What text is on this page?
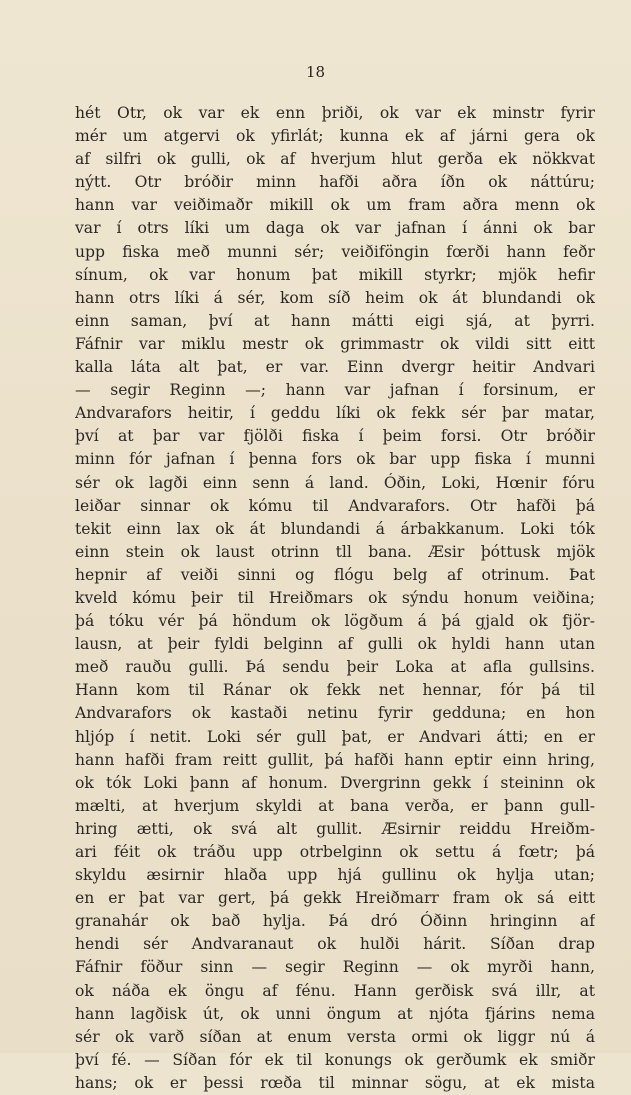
18
hét Otr, ok var ek enn þriði, ok var ek minstr fyrir
mér um atgervi ok yfirlát; kunna ek af járni gera ok
af silfri ok gulli, ok af hverjum hlut gerða ek nökkvat
nýtt. Otr bróðir minn hafði aðra íðn ok náttúru;
hann var veiðimaðr mikill ok um fram aðra menn ok
var í otrs líki um daga ok var jafnan í ánni ok bar
upp fiska með munni sér; veiðiföngin fœrði hann feðr
sínum, ok var honum þat mikill styrkr; mjök hefir
hann otrs líki á sér, kom síð heim ok át blundandi ok
einn saman, því at hann mátti eigi sjá, at þyrri.
Fáfnir var miklu mestr ok grimmastr ok vildi sitt eitt
kalla láta alt þat, er var. Einn dvergr heitir Andvari
— segir Reginn —; hann var jafnan í forsinum, er
Andvarafors heitir, í geddu líki ok fekk sér þar matar,
því at þar var fjölði fiska í þeim forsi. Otr bróðir
minn fór jafnan í þenna fors ok bar upp fiska í munni
sér ok lagði einn senn á land. Óðin, Loki, Hœnir fóru
leiðar sinnar ok kómu til Andvarafors. Otr hafði þá
tekit einn lax ok át blundandi á árbakkanum. Loki tók
einn stein ok laust otrinn tll bana. Æsir þóttusk mjök
hepnir af veiði sinni og flógu belg af otrinum. Þat
kveld kómu þeir til Hreiðmars ok sýndu honum veiðina;
þá tóku vér þá höndum ok lögðum á þá gjald ok fjör-
lausn, at þeir fyldi belginn af gulli ok hyldi hann utan
með rauðu gulli. Þá sendu þeir Loka at afla gullsins.
Hann kom til Ránar ok fekk net hennar, fór þá til
Andvarafors ok kastaði netinu fyrir gedduna; en hon
hljóp í netit. Loki sér gull þat, er Andvari átti; en er
hann hafði fram reitt gullit, þá hafði hann eptir einn hring,
ok tók Loki þann af honum. Dvergrinn gekk í steininn ok
mælti, at hverjum skyldi at bana verða, er þann gull-
hring ætti, ok svá alt gullit. Æsirnir reiddu Hreiðm-
ari féit ok tráðu upp otrbelginn ok settu á fœtr; þá
skyldu æsirnir hlaða upp hjá gullinu ok hylja utan;
en er þat var gert, þá gekk Hreiðmarr fram ok sá eitt
granahár ok bað hylja. Þá dró Óðinn hringinn af
hendi sér Andvaranaut ok hulði hárit. Síðan drap
Fáfnir föður sinn — segir Reginn — ok myrði hann,
ok náða ek öngu af fénu. Hann gerðisk svá illr, at
hann lagðisk út, ok unni öngum at njóta fjárins nema
sér ok varð síðan at enum versta ormi ok liggr nú á
því fé. — Síðan fór ek til konungs ok gerðumk ek smiðr
hans; ok er þessi rœða til minnar sögu, at ek mista
